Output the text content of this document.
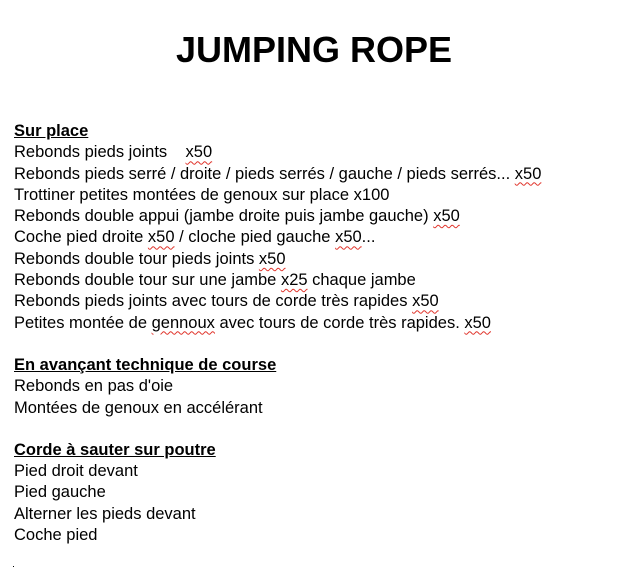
JUMPING ROPE
Sur place
Rebonds pieds joints    x50
Rebonds pieds serré / droite / pieds serrés / gauche / pieds serrés... x50
Trottiner petites montées de genoux sur place x100
Rebonds double appui (jambe droite puis jambe gauche) x50
Coche pied droite x50 / cloche pied gauche x50...
Rebonds double tour pieds joints x50
Rebonds double tour sur une jambe x25 chaque jambe
Rebonds pieds joints avec tours de corde très rapides x50
Petites montée de gennoux avec tours de corde très rapides. x50
En avançant technique de course
Rebonds en pas d'oie
Montées de genoux en accélérant
Corde à sauter sur poutre
Pied droit devant
Pied gauche
Alterner les pieds devant
Coche pied
